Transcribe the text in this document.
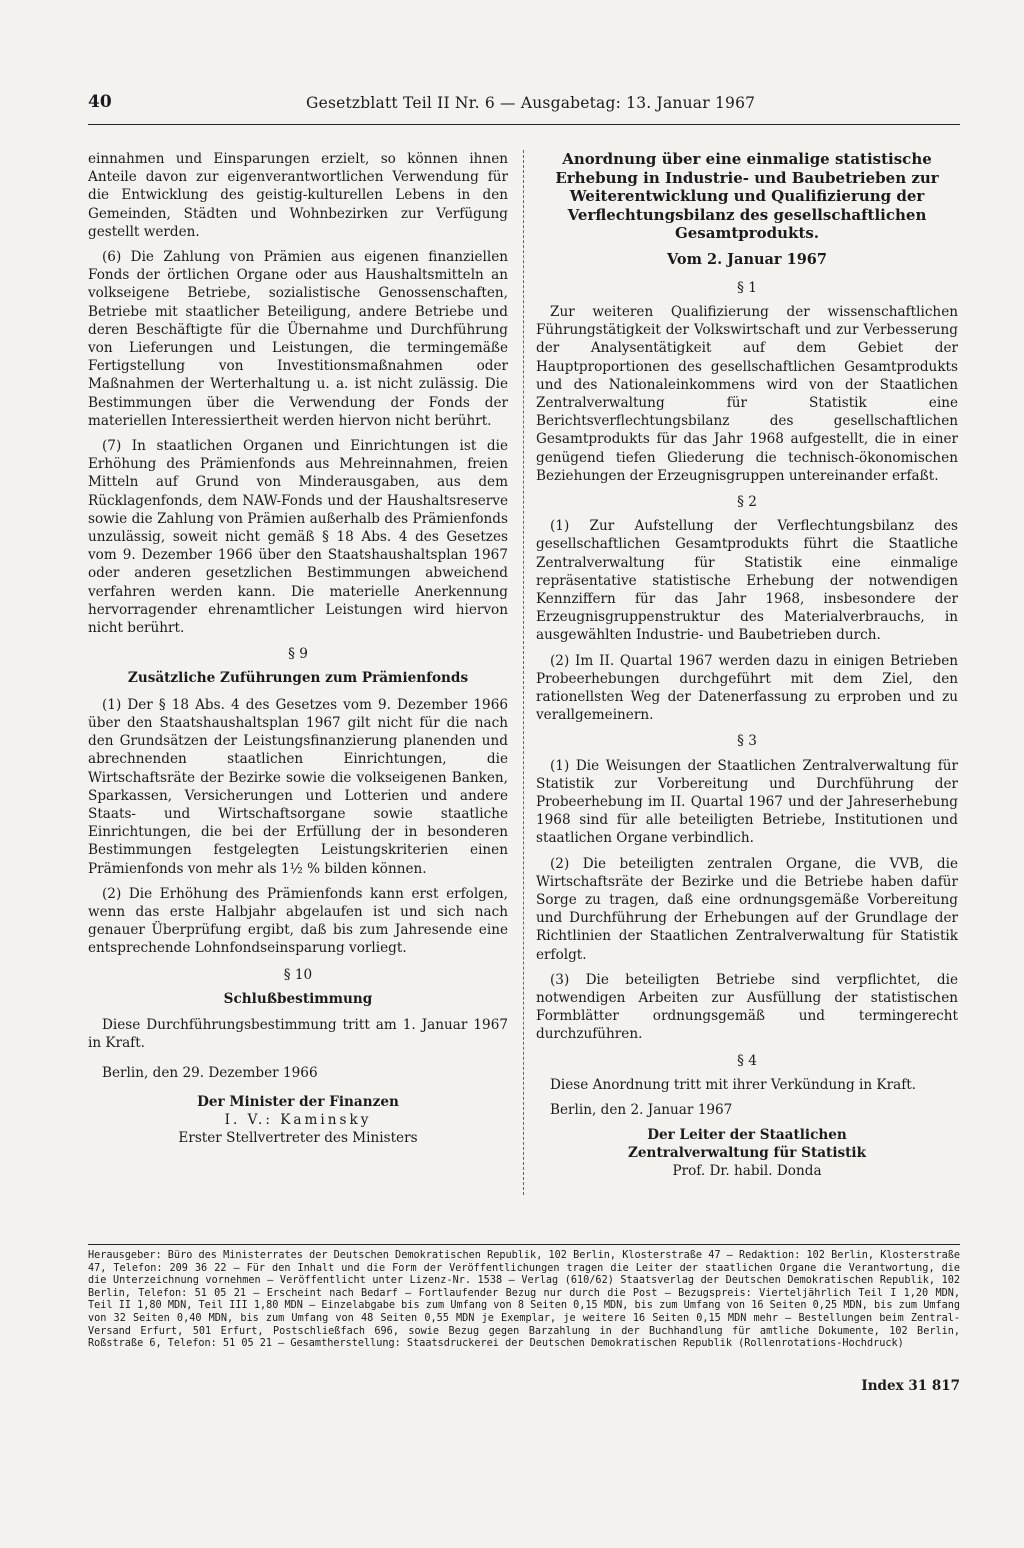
40	Gesetzblatt Teil II Nr. 6 — Ausgabetag: 13. Januar 1967

einnahmen und Einsparungen erzielt, so können ihnen Anteile davon zur eigenverantwortlichen Verwendung für die Entwicklung des geistig-kulturellen Lebens in den Gemeinden, Städten und Wohnbezirken zur Verfügung gestellt werden.

(6) Die Zahlung von Prämien aus eigenen finanziellen Fonds der örtlichen Organe oder aus Haushaltsmitteln an volkseigene Betriebe, sozialistische Genossenschaften, Betriebe mit staatlicher Beteiligung, andere Betriebe und deren Beschäftigte für die Übernahme und Durchführung von Lieferungen und Leistungen, die termingemäße Fertigstellung von Investitionsmaßnahmen oder Maßnahmen der Werterhaltung u. a. ist nicht zulässig. Die Bestimmungen über die Verwendung der Fonds der materiellen Interessiertheit werden hiervon nicht berührt.

(7) In staatlichen Organen und Einrichtungen ist die Erhöhung des Prämienfonds aus Mehreinnahmen, freien Mitteln auf Grund von Minderausgaben, aus dem Rücklagenfonds, dem NAW-Fonds und der Haushaltsreserve sowie die Zahlung von Prämien außerhalb des Prämienfonds unzulässig, soweit nicht gemäß § 18 Abs. 4 des Gesetzes vom 9. Dezember 1966 über den Staatshaushaltsplan 1967 oder anderen gesetzlichen Bestimmungen abweichend verfahren werden kann. Die materielle Anerkennung hervorragender ehrenamtlicher Leistungen wird hiervon nicht berührt.

§ 9
Zusätzliche Zuführungen zum Prämienfonds

(1) Der § 18 Abs. 4 des Gesetzes vom 9. Dezember 1966 über den Staatshaushaltsplan 1967 gilt nicht für die nach den Grundsätzen der Leistungsfinanzierung planenden und abrechnenden staatlichen Einrichtungen, die Wirtschaftsräte der Bezirke sowie die volkseigenen Banken, Sparkassen, Versicherungen und Lotterien und andere Staats- und Wirtschaftsorgane sowie staatliche Einrichtungen, die bei der Erfüllung der in besonderen Bestimmungen festgelegten Leistungskriterien einen Prämienfonds von mehr als 1½ % bilden können.

(2) Die Erhöhung des Prämienfonds kann erst erfolgen, wenn das erste Halbjahr abgelaufen ist und sich nach genauer Überprüfung ergibt, daß bis zum Jahresende eine entsprechende Lohnfondseinsparung vorliegt.

§ 10
Schlußbestimmung

Diese Durchführungsbestimmung tritt am 1. Januar 1967 in Kraft.

Berlin, den 29. Dezember 1966

Der Minister der Finanzen
I. V.: Kaminsky
Erster Stellvertreter des Ministers
Anordnung über eine einmalige statistische Erhebung in Industrie- und Baubetrieben zur Weiterentwicklung und Qualifizierung der Verflechtungsbilanz des gesellschaftlichen Gesamtprodukts.
Vom 2. Januar 1967
§ 1

Zur weiteren Qualifizierung der wissenschaftlichen Führungstätigkeit der Volkswirtschaft und zur Verbesserung der Analysentätigkeit auf dem Gebiet der Hauptproportionen des gesellschaftlichen Gesamtprodukts und des Nationaleinkommens wird von der Staatlichen Zentralverwaltung für Statistik eine Berichtsverflechtungsbilanz des gesellschaftlichen Gesamtprodukts für das Jahr 1968 aufgestellt, die in einer genügend tiefen Gliederung die technisch-ökonomischen Beziehungen der Erzeugnisgruppen untereinander erfaßt.

§ 2

(1) Zur Aufstellung der Verflechtungsbilanz des gesellschaftlichen Gesamtprodukts führt die Staatliche Zentralverwaltung für Statistik eine einmalige repräsentative statistische Erhebung der notwendigen Kennziffern für das Jahr 1968, insbesondere der Erzeugnisgruppenstruktur des Materialverbrauchs, in ausgewählten Industrie- und Baubetrieben durch.

(2) Im II. Quartal 1967 werden dazu in einigen Betrieben Probeerhebungen durchgeführt mit dem Ziel, den rationellsten Weg der Datenerfassung zu erproben und zu verallgemeinern.

§ 3

(1) Die Weisungen der Staatlichen Zentralverwaltung für Statistik zur Vorbereitung und Durchführung der Probeerhebung im II. Quartal 1967 und der Jahreserhebung 1968 sind für alle beteiligten Betriebe, Institutionen und staatlichen Organe verbindlich.

(2) Die beteiligten zentralen Organe, die VVB, die Wirtschaftsräte der Bezirke und die Betriebe haben dafür Sorge zu tragen, daß eine ordnungsgemäße Vorbereitung und Durchführung der Erhebungen auf der Grundlage der Richtlinien der Staatlichen Zentralverwaltung für Statistik erfolgt.

(3) Die beteiligten Betriebe sind verpflichtet, die notwendigen Arbeiten zur Ausfüllung der statistischen Formblätter ordnungsgemäß und termingerecht durchzuführen.

§ 4

Diese Anordnung tritt mit ihrer Verkündung in Kraft.

Berlin, den 2. Januar 1967

Der Leiter der Staatlichen Zentralverwaltung für Statistik
Prof. Dr. habil. Donda
Herausgeber: Büro des Ministerrates der Deutschen Demokratischen Republik, 102 Berlin, Klosterstraße 47 — Redaktion: 102 Berlin, Klosterstraße 47, Telefon: 209 36 22 — Für den Inhalt und die Form der Veröffentlichungen tragen die Leiter der staatlichen Organe die Verantwortung, die die Unterzeichnung vornehmen — Veröffentlicht unter Lizenz-Nr. 1538 — Verlag (610/62) Staatsverlag der Deutschen Demokratischen Republik, 102 Berlin, Telefon: 51 05 21 — Erscheint nach Bedarf — Fortlaufender Bezug nur durch die Post — Bezugspreis: Vierteljährlich Teil I 1,20 MDN, Teil II 1,80 MDN, Teil III 1,80 MDN — Einzelabgabe bis zum Umfang von 8 Seiten 0,15 MDN, bis zum Umfang von 16 Seiten 0,25 MDN, bis zum Umfang von 32 Seiten 0,40 MDN, bis zum Umfang von 48 Seiten 0,55 MDN je Exemplar, je weitere 16 Seiten 0,15 MDN mehr — Bestellungen beim Zentral-Versand Erfurt, 501 Erfurt, Postschließfach 696, sowie Bezug gegen Barzahlung in der Buchhandlung für amtliche Dokumente, 102 Berlin, Roßstraße 6, Telefon: 51 05 21 — Gesamtherstellung: Staatsdruckerei der Deutschen Demokratischen Republik (Rollenrotations-Hochdruck)
Index 31 817
